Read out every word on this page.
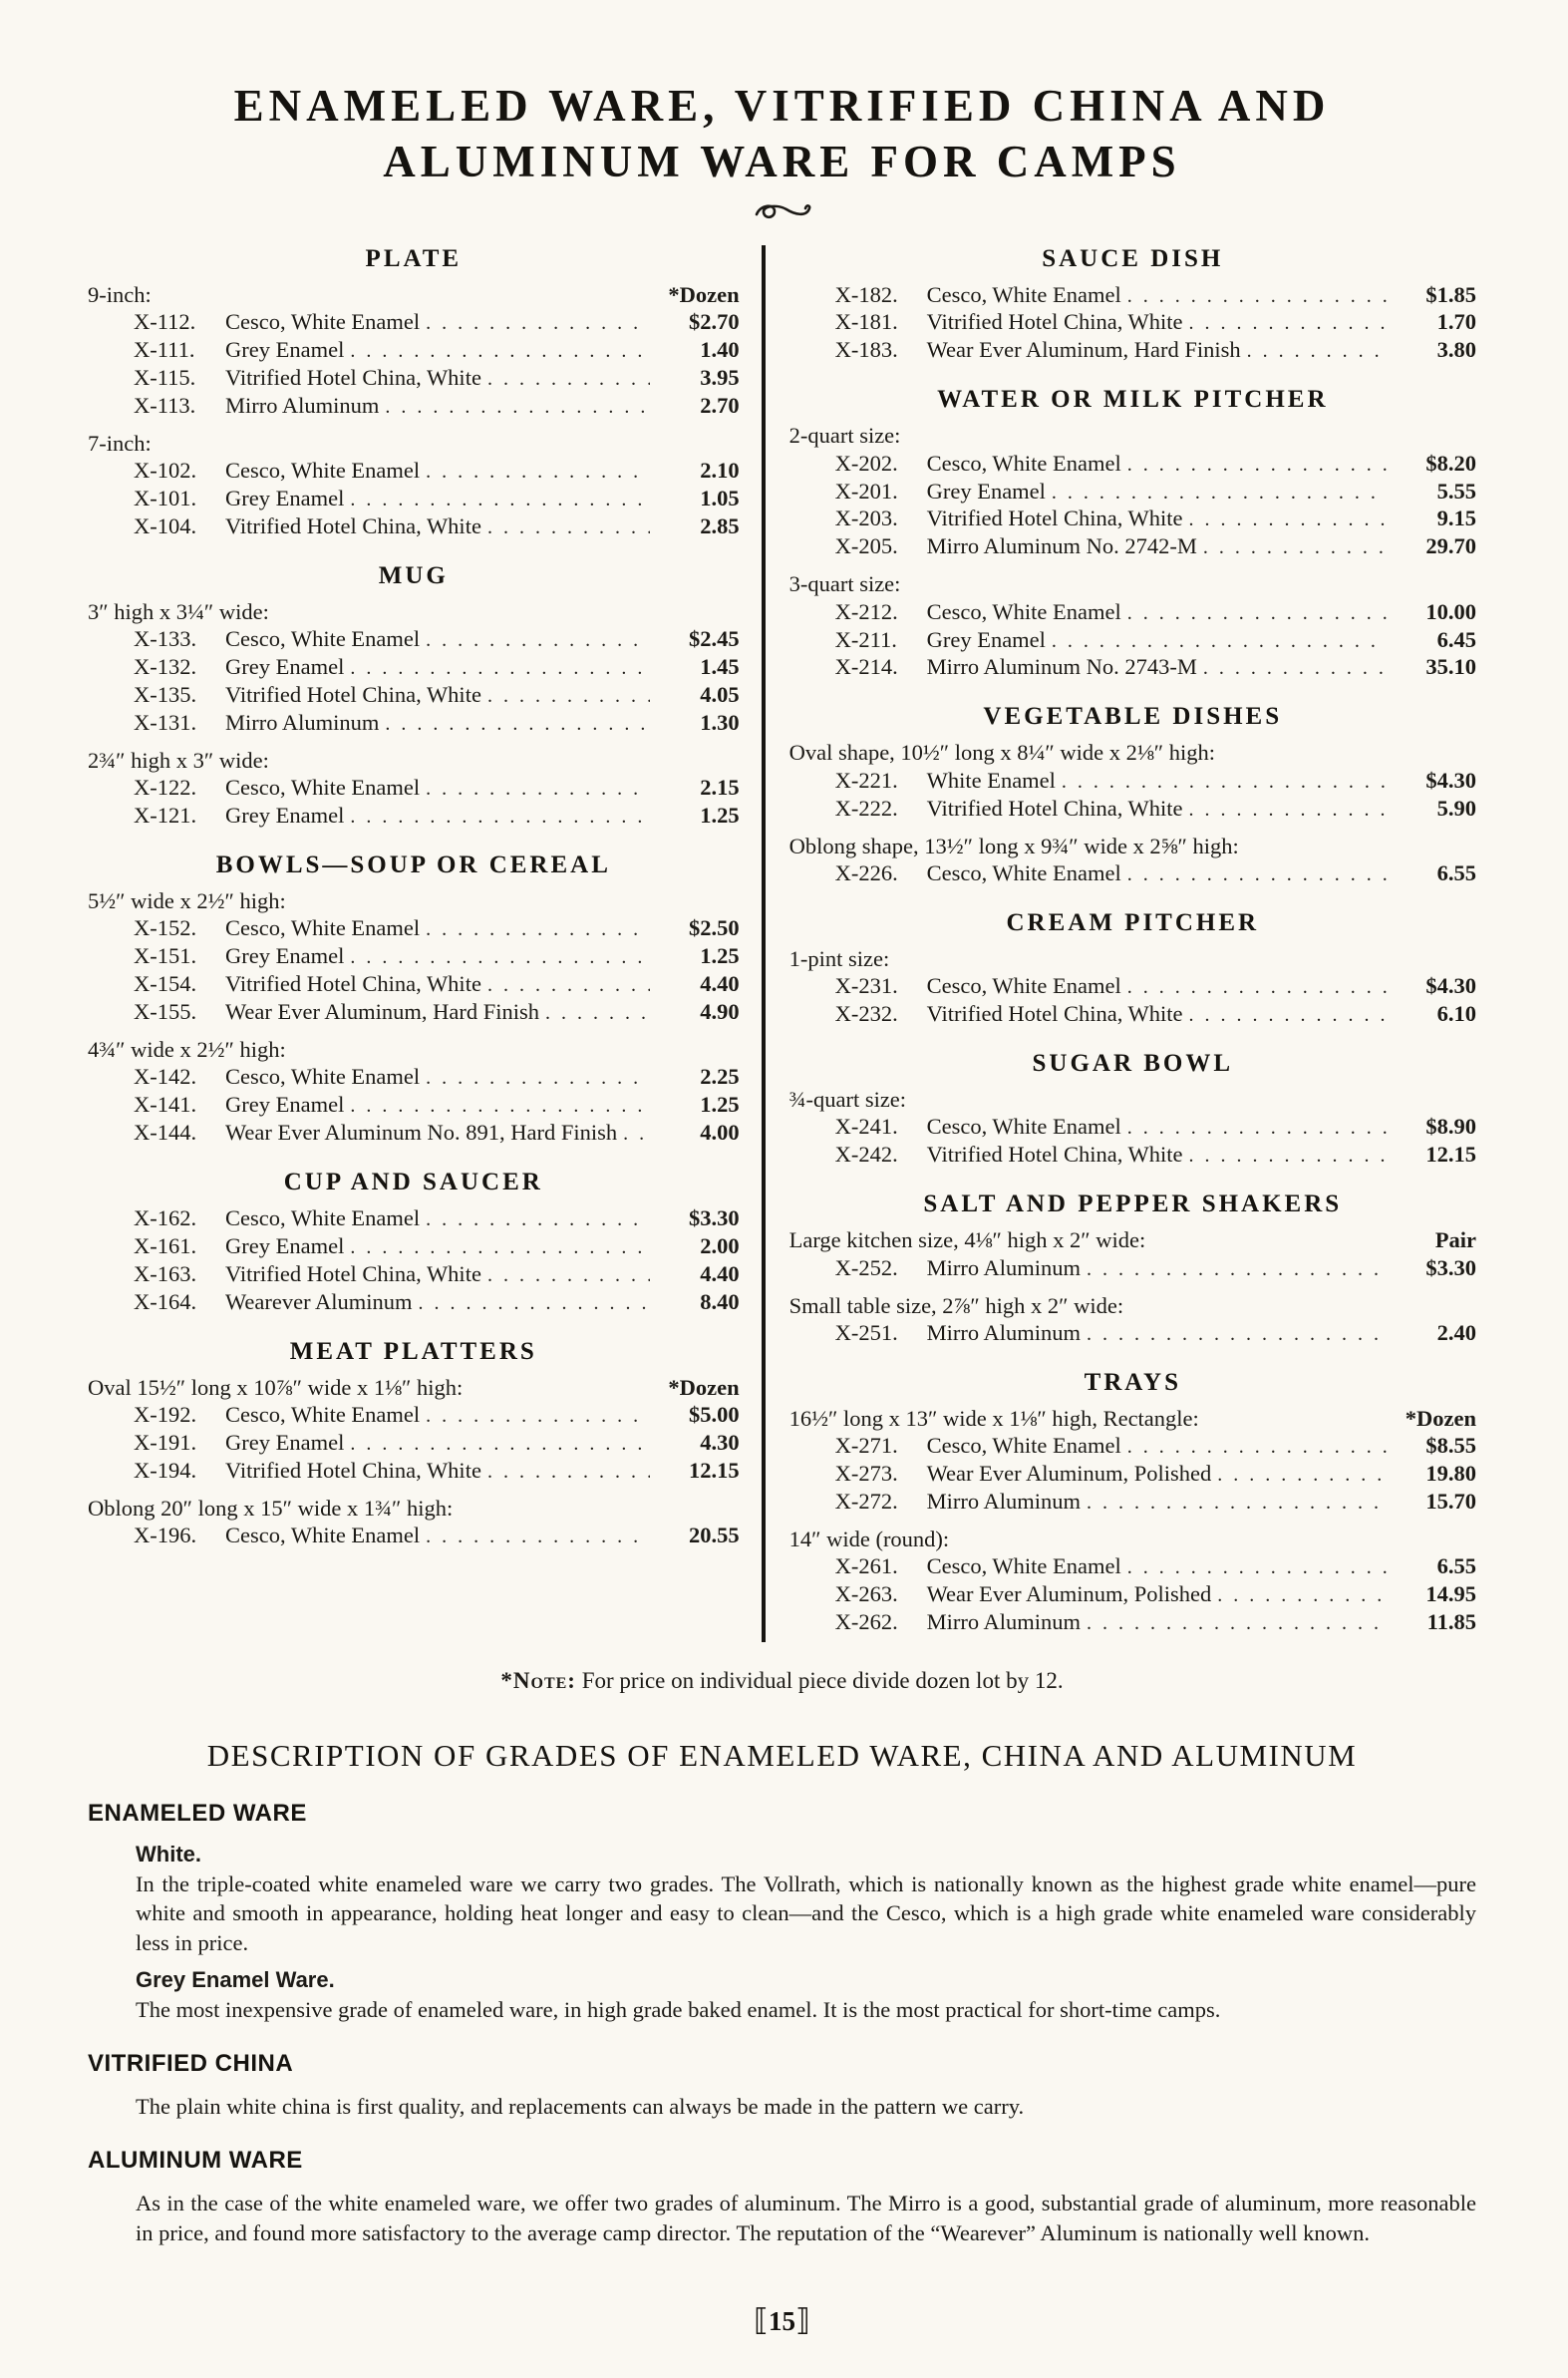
ENAMELED WARE, VITRIFIED CHINA AND
ALUMINUM WARE FOR CAMPS
PLATE
9-inch:	*Dozen
X-112.	Cesco, White Enamel . . .	$2.70
X-111.	Grey Enamel . . .	1.40
X-115.	Vitrified Hotel China, White . . .	3.95
X-113.	Mirro Aluminum . . .	2.70
7-inch:
X-102.	Cesco, White Enamel . . .	2.10
X-101.	Grey Enamel . . .	1.05
X-104.	Vitrified Hotel China, White . . .	2.85
MUG
3″ high x 3¼″ wide:
X-133.	Cesco, White Enamel . . .	$2.45
X-132.	Grey Enamel . . .	1.45
X-135.	Vitrified Hotel China, White . . .	4.05
X-131.	Mirro Aluminum . . .	1.30
2¾″ high x 3″ wide:
X-122.	Cesco, White Enamel . . .	2.15
X-121.	Grey Enamel . . .	1.25
BOWLS—SOUP OR CEREAL
5½″ wide x 2½″ high:
X-152.	Cesco, White Enamel . . .	$2.50
X-151.	Grey Enamel . . .	1.25
X-154.	Vitrified Hotel China, White . . .	4.40
X-155.	Wear Ever Aluminum, Hard Finish . . .	4.90
4¾″ wide x 2½″ high:
X-142.	Cesco, White Enamel . . .	2.25
X-141.	Grey Enamel . . .	1.25
X-144.	Wear Ever Aluminum No. 891, Hard Finish . . .	4.00
CUP AND SAUCER
X-162.	Cesco, White Enamel . . .	$3.30
X-161.	Grey Enamel . . .	2.00
X-163.	Vitrified Hotel China, White . . .	4.40
X-164.	Wearever Aluminum . . .	8.40
MEAT PLATTERS
Oval 15½″ long x 10⅞″ wide x 1⅛″ high:	*Dozen
X-192.	Cesco, White Enamel . . .	$5.00
X-191.	Grey Enamel . . .	4.30
X-194.	Vitrified Hotel China, White . . .	12.15
Oblong 20″ long x 15″ wide x 1¾″ high:
X-196.	Cesco, White Enamel . . .	20.55
SAUCE DISH
X-182.	Cesco, White Enamel . . .	$1.85
X-181.	Vitrified Hotel China, White . . .	1.70
X-183.	Wear Ever Aluminum, Hard Finish . . .	3.80
WATER OR MILK PITCHER
2-quart size:
X-202.	Cesco, White Enamel . . .	$8.20
X-201.	Grey Enamel . . .	5.55
X-203.	Vitrified Hotel China, White . . .	9.15
X-205.	Mirro Aluminum No. 2742-M . . .	29.70
3-quart size:
X-212.	Cesco, White Enamel . . .	10.00
X-211.	Grey Enamel . . .	6.45
X-214.	Mirro Aluminum No. 2743-M . . .	35.10
VEGETABLE DISHES
Oval shape, 10½″ long x 8¼″ wide x 2⅛″ high:
X-221.	White Enamel . . .	$4.30
X-222.	Vitrified Hotel China, White . . .	5.90
Oblong shape, 13½″ long x 9¾″ wide x 2⅝″ high:
X-226.	Cesco, White Enamel . . .	6.55
CREAM PITCHER
1-pint size:
X-231.	Cesco, White Enamel . . .	$4.30
X-232.	Vitrified Hotel China, White . . .	6.10
SUGAR BOWL
¾-quart size:
X-241.	Cesco, White Enamel . . .	$8.90
X-242.	Vitrified Hotel China, White . . .	12.15
SALT AND PEPPER SHAKERS
Large kitchen size, 4⅛″ high x 2″ wide:	Pair
X-252.	Mirro Aluminum . . .	$3.30
Small table size, 2⅞″ high x 2″ wide:
X-251.	Mirro Aluminum . . .	2.40
TRAYS
16½″ long x 13″ wide x 1⅛″ high, Rectangle:	*Dozen
X-271.	Cesco, White Enamel . . .	$8.55
X-273.	Wear Ever Aluminum, Polished . . .	19.80
X-272.	Mirro Aluminum . . .	15.70
14″ wide (round):
X-261.	Cesco, White Enamel . . .	6.55
X-263.	Wear Ever Aluminum, Polished . . .	14.95
X-262.	Mirro Aluminum . . .	11.85

*Note: For price on individual piece divide dozen lot by 12.

DESCRIPTION OF GRADES OF ENAMELED WARE, CHINA AND ALUMINUM
ENAMELED WARE
White.

In the triple-coated white enameled ware we carry two grades. The Vollrath, which is nationally known as the highest grade white enamel—pure white and smooth in appearance, holding heat longer and easy to clean—and the Cesco, which is a high grade white enameled ware considerably less in price.

Grey Enamel Ware.

The most inexpensive grade of enameled ware, in high grade baked enamel. It is the most practical for short-time camps.

VITRIFIED CHINA

The plain white china is first quality, and replacements can always be made in the pattern we carry.

ALUMINUM WARE

As in the case of the white enameled ware, we offer two grades of aluminum. The Mirro is a good, substantial grade of aluminum, more reasonable in price, and found more satisfactory to the average camp director. The reputation of the “Wearever” Aluminum is nationally well known.

⟦15⟧
